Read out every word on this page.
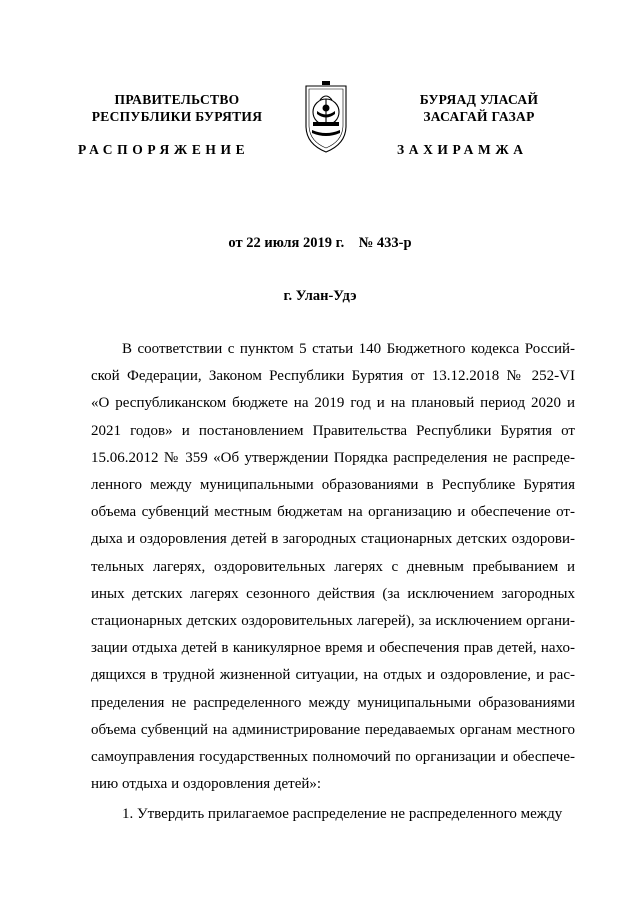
ПРАВИТЕЛЬСТВО
РЕСПУБЛИКИ БУРЯТИЯ
БУРЯАД УЛАСАЙ
ЗАСАГАЙ ГАЗАР
РАСПОРЯЖЕНИЕ	ЗАХИРАМЖА
от 22 июля 2019 г.    № 433-р
г. Улан-Удэ
В соответствии с пунктом 5 статьи 140 Бюджетного кодекса Россий-
ской Федерации, Законом Республики Бурятия от 13.12.2018 № 252-VI
«О республиканском бюджете на 2019 год и на плановый период 2020 и
2021 годов» и постановлением Правительства Республики Бурятия от
15.06.2012 № 359 «Об утверждении Порядка распределения не распреде-
ленного между муниципальными образованиями в Республике Бурятия
объема субвенций местным бюджетам на организацию и обеспечение от-
дыха и оздоровления детей в загородных стационарных детских оздорови-
тельных лагерях, оздоровительных лагерях с дневным пребыванием и
иных детских лагерях сезонного действия (за исключением загородных
стационарных детских оздоровительных лагерей), за исключением органи-
зации отдыха детей в каникулярное время и обеспечения прав детей, нахо-
дящихся в трудной жизненной ситуации, на отдых и оздоровление, и рас-
пределения не распределенного между муниципальными образованиями
объема субвенций на администрирование передаваемых органам местного
самоуправления государственных полномочий по организации и обеспече-
нию отдыха и оздоровления детей»:
1. Утвердить прилагаемое распределение не распределенного между
